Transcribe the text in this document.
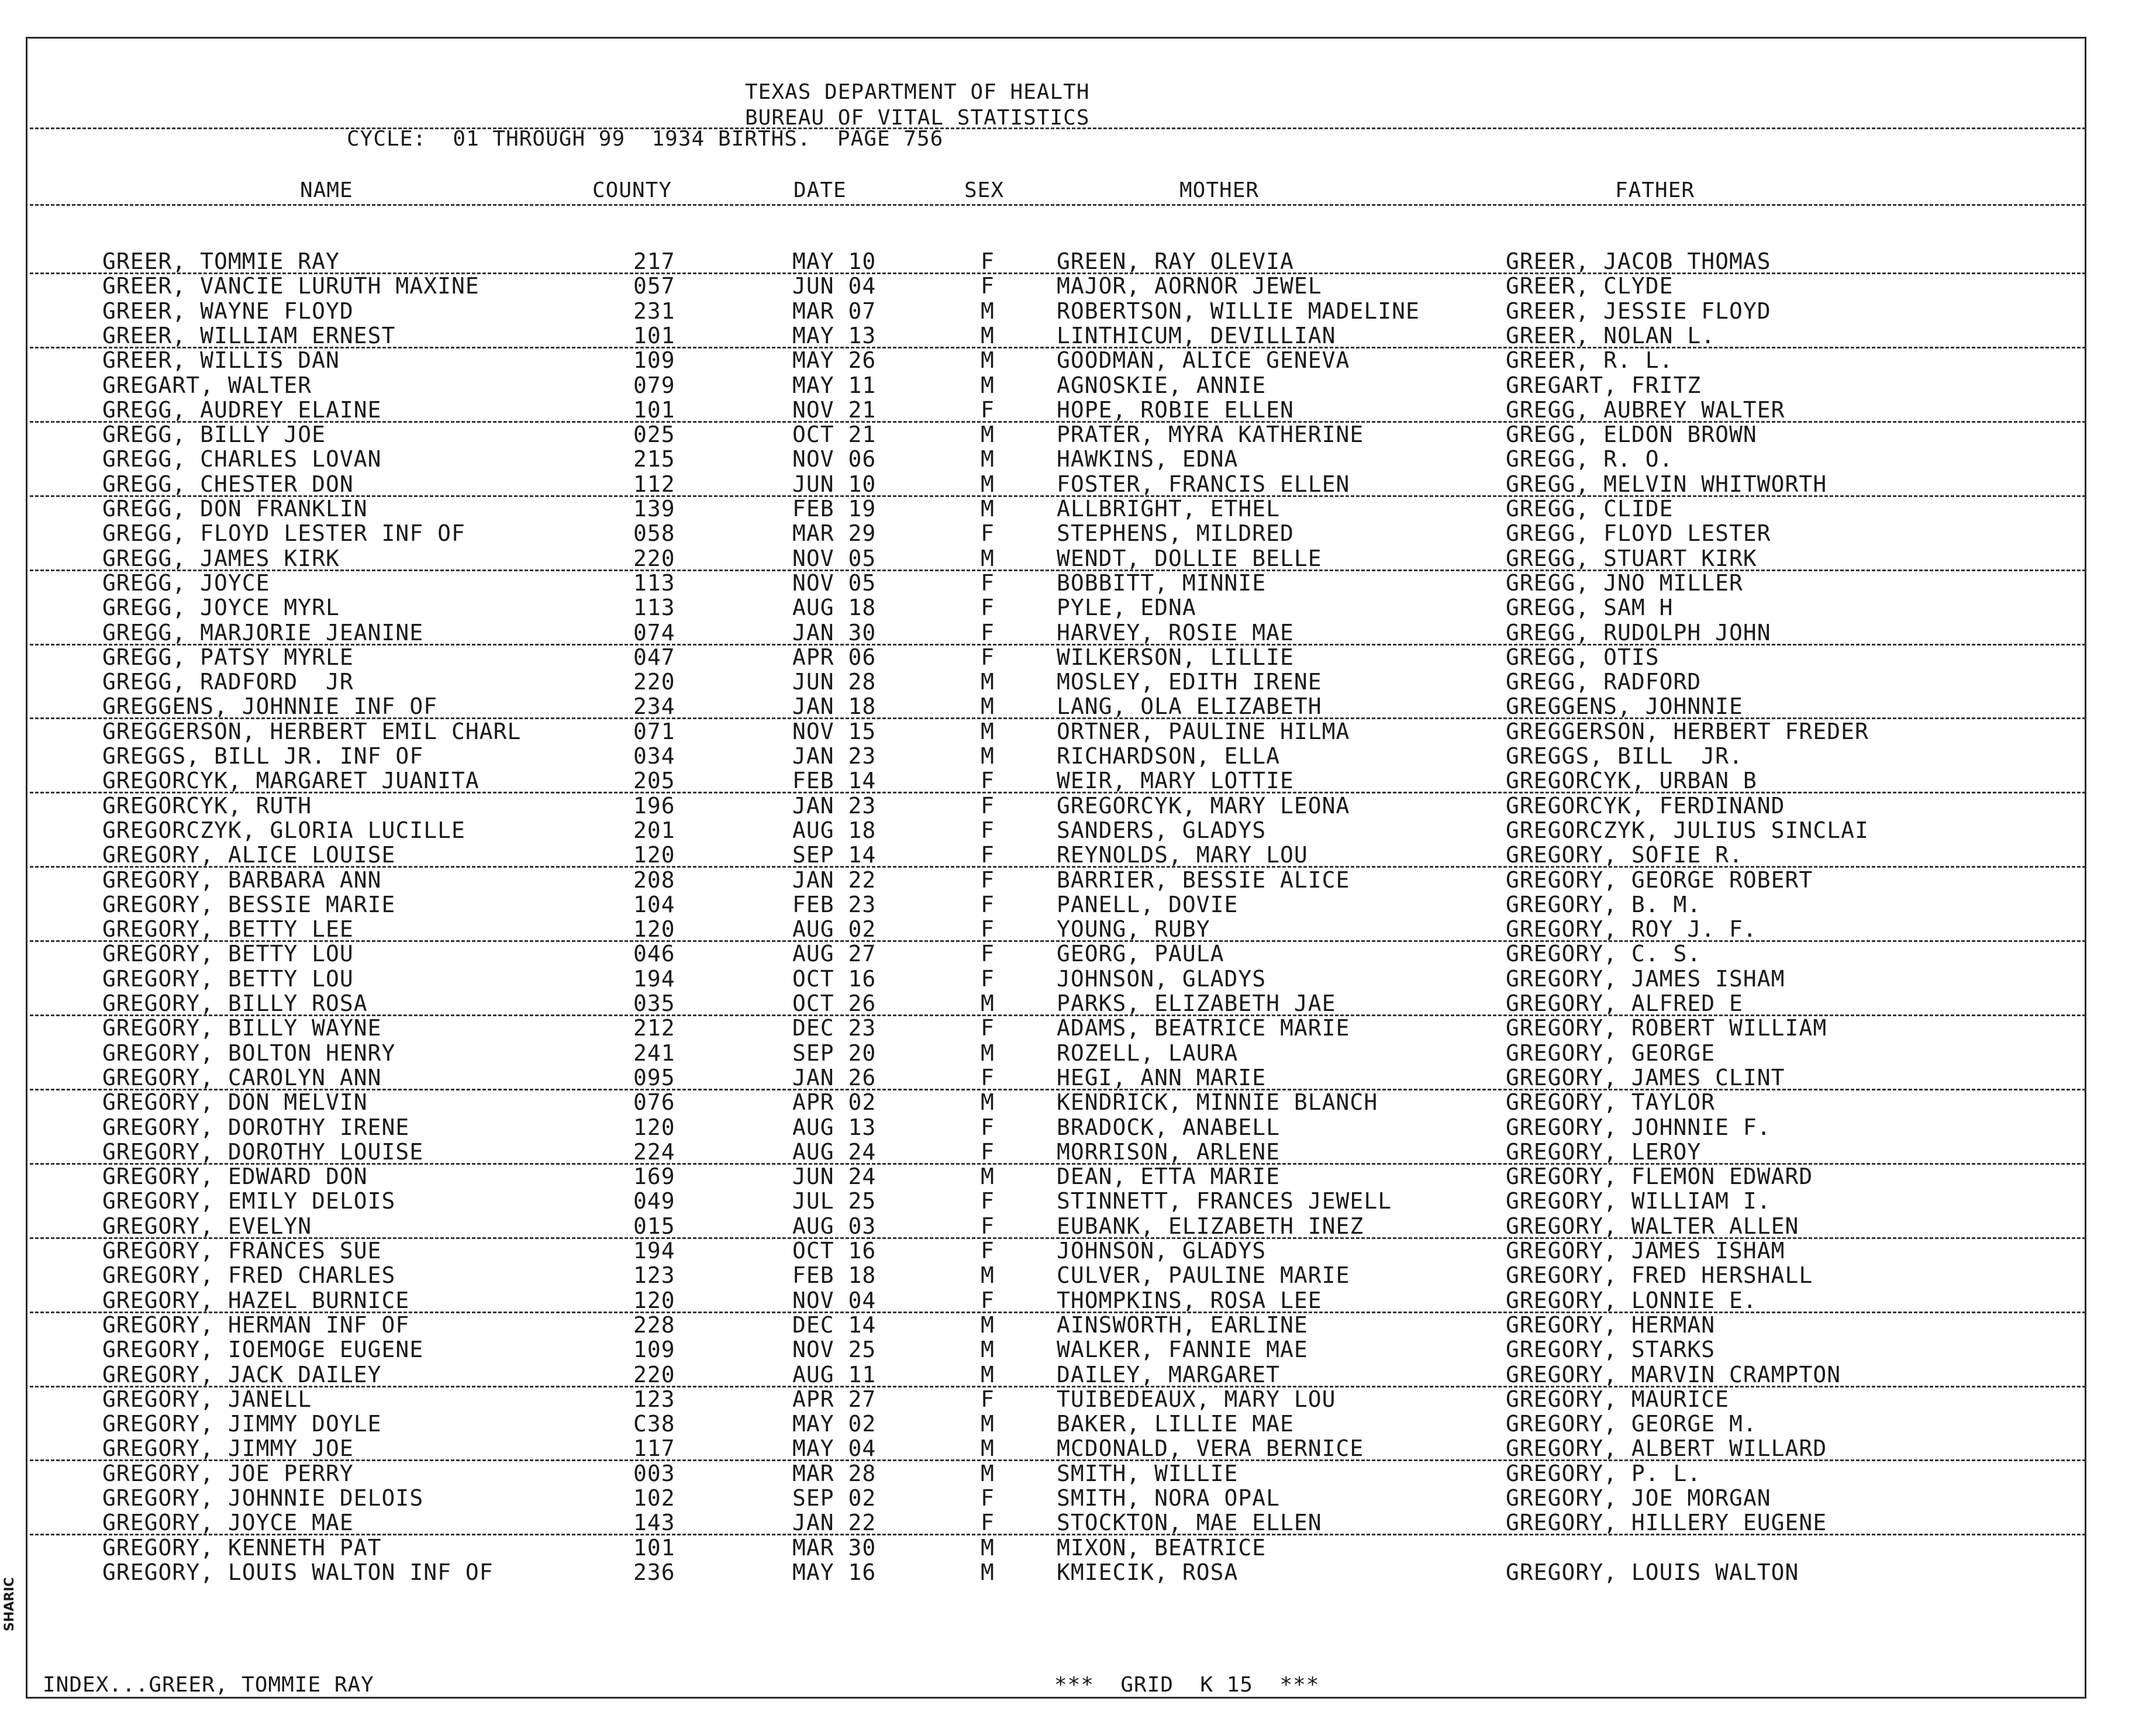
TEXAS DEPARTMENT OF HEALTH
BUREAU OF VITAL STATISTICS
CYCLE:  01 THROUGH 99  1934 BIRTHS.  PAGE 756
NAME	COUNTY	DATE	SEX	MOTHER	FATHER
GREER, TOMMIE RAY	217	MAY 10	F	GREEN, RAY OLEVIA	GREER, JACOB THOMAS
GREER, VANCIE LURUTH MAXINE	057	JUN 04	F	MAJOR, AORNOR JEWEL	GREER, CLYDE
GREER, WAYNE FLOYD	231	MAR 07	M	ROBERTSON, WILLIE MADELINE	GREER, JESSIE FLOYD
GREER, WILLIAM ERNEST	101	MAY 13	M	LINTHICUM, DEVILLIAN	GREER, NOLAN L.
GREER, WILLIS DAN	109	MAY 26	M	GOODMAN, ALICE GENEVA	GREER, R. L.
GREGART, WALTER	079	MAY 11	M	AGNOSKIE, ANNIE	GREGART, FRITZ
GREGG, AUDREY ELAINE	101	NOV 21	F	HOPE, ROBIE ELLEN	GREGG, AUBREY WALTER
GREGG, BILLY JOE	025	OCT 21	M	PRATER, MYRA KATHERINE	GREGG, ELDON BROWN
GREGG, CHARLES LOVAN	215	NOV 06	M	HAWKINS, EDNA	GREGG, R. O.
GREGG, CHESTER DON	112	JUN 10	M	FOSTER, FRANCIS ELLEN	GREGG, MELVIN WHITWORTH
GREGG, DON FRANKLIN	139	FEB 19	M	ALLBRIGHT, ETHEL	GREGG, CLIDE
GREGG, FLOYD LESTER INF OF	058	MAR 29	F	STEPHENS, MILDRED	GREGG, FLOYD LESTER
GREGG, JAMES KIRK	220	NOV 05	M	WENDT, DOLLIE BELLE	GREGG, STUART KIRK
GREGG, JOYCE	113	NOV 05	F	BOBBITT, MINNIE	GREGG, JNO MILLER
GREGG, JOYCE MYRL	113	AUG 18	F	PYLE, EDNA	GREGG, SAM H
GREGG, MARJORIE JEANINE	074	JAN 30	F	HARVEY, ROSIE MAE	GREGG, RUDOLPH JOHN
GREGG, PATSY MYRLE	047	APR 06	F	WILKERSON, LILLIE	GREGG, OTIS
GREGG, RADFORD  JR	220	JUN 28	M	MOSLEY, EDITH IRENE	GREGG, RADFORD
GREGGENS, JOHNNIE INF OF	234	JAN 18	M	LANG, OLA ELIZABETH	GREGGENS, JOHNNIE
GREGGERSON, HERBERT EMIL CHARL	071	NOV 15	M	ORTNER, PAULINE HILMA	GREGGERSON, HERBERT FREDER
GREGGS, BILL JR. INF OF	034	JAN 23	M	RICHARDSON, ELLA	GREGGS, BILL  JR.
GREGORCYK, MARGARET JUANITA	205	FEB 14	F	WEIR, MARY LOTTIE	GREGORCYK, URBAN B
GREGORCYK, RUTH	196	JAN 23	F	GREGORCYK, MARY LEONA	GREGORCYK, FERDINAND
GREGORCZYK, GLORIA LUCILLE	201	AUG 18	F	SANDERS, GLADYS	GREGORCZYK, JULIUS SINCLAI
GREGORY, ALICE LOUISE	120	SEP 14	F	REYNOLDS, MARY LOU	GREGORY, SOFIE R.
GREGORY, BARBARA ANN	208	JAN 22	F	BARRIER, BESSIE ALICE	GREGORY, GEORGE ROBERT
GREGORY, BESSIE MARIE	104	FEB 23	F	PANELL, DOVIE	GREGORY, B. M.
GREGORY, BETTY LEE	120	AUG 02	F	YOUNG, RUBY	GREGORY, ROY J. F.
GREGORY, BETTY LOU	046	AUG 27	F	GEORG, PAULA	GREGORY, C. S.
GREGORY, BETTY LOU	194	OCT 16	F	JOHNSON, GLADYS	GREGORY, JAMES ISHAM
GREGORY, BILLY ROSA	035	OCT 26	M	PARKS, ELIZABETH JAE	GREGORY, ALFRED E
GREGORY, BILLY WAYNE	212	DEC 23	F	ADAMS, BEATRICE MARIE	GREGORY, ROBERT WILLIAM
GREGORY, BOLTON HENRY	241	SEP 20	M	ROZELL, LAURA	GREGORY, GEORGE
GREGORY, CAROLYN ANN	095	JAN 26	F	HEGI, ANN MARIE	GREGORY, JAMES CLINT
GREGORY, DON MELVIN	076	APR 02	M	KENDRICK, MINNIE BLANCH	GREGORY, TAYLOR
GREGORY, DOROTHY IRENE	120	AUG 13	F	BRADOCK, ANABELL	GREGORY, JOHNNIE F.
GREGORY, DOROTHY LOUISE	224	AUG 24	F	MORRISON, ARLENE	GREGORY, LEROY
GREGORY, EDWARD DON	169	JUN 24	M	DEAN, ETTA MARIE	GREGORY, FLEMON EDWARD
GREGORY, EMILY DELOIS	049	JUL 25	F	STINNETT, FRANCES JEWELL	GREGORY, WILLIAM I.
GREGORY, EVELYN	015	AUG 03	F	EUBANK, ELIZABETH INEZ	GREGORY, WALTER ALLEN
GREGORY, FRANCES SUE	194	OCT 16	F	JOHNSON, GLADYS	GREGORY, JAMES ISHAM
GREGORY, FRED CHARLES	123	FEB 18	M	CULVER, PAULINE MARIE	GREGORY, FRED HERSHALL
GREGORY, HAZEL BURNICE	120	NOV 04	F	THOMPKINS, ROSA LEE	GREGORY, LONNIE E.
GREGORY, HERMAN INF OF	228	DEC 14	M	AINSWORTH, EARLINE	GREGORY, HERMAN
GREGORY, IOEMOGE EUGENE	109	NOV 25	M	WALKER, FANNIE MAE	GREGORY, STARKS
GREGORY, JACK DAILEY	220	AUG 11	M	DAILEY, MARGARET	GREGORY, MARVIN CRAMPTON
GREGORY, JANELL	123	APR 27	F	TUIBEDEAUX, MARY LOU	GREGORY, MAURICE
GREGORY, JIMMY DOYLE	C38	MAY 02	M	BAKER, LILLIE MAE	GREGORY, GEORGE M.
GREGORY, JIMMY JOE	117	MAY 04	M	MCDONALD, VERA BERNICE	GREGORY, ALBERT WILLARD
GREGORY, JOE PERRY	003	MAR 28	M	SMITH, WILLIE	GREGORY, P. L.
GREGORY, JOHNNIE DELOIS	102	SEP 02	F	SMITH, NORA OPAL	GREGORY, JOE MORGAN
GREGORY, JOYCE MAE	143	JAN 22	F	STOCKTON, MAE ELLEN	GREGORY, HILLERY EUGENE
GREGORY, KENNETH PAT	101	MAR 30	M	MIXON, BEATRICE
GREGORY, LOUIS WALTON INF OF	236	MAY 16	M	KMIECIK, ROSA	GREGORY, LOUIS WALTON
INDEX...GREER, TOMMIE RAY	***  GRID  K 15  ***
SHARIC
